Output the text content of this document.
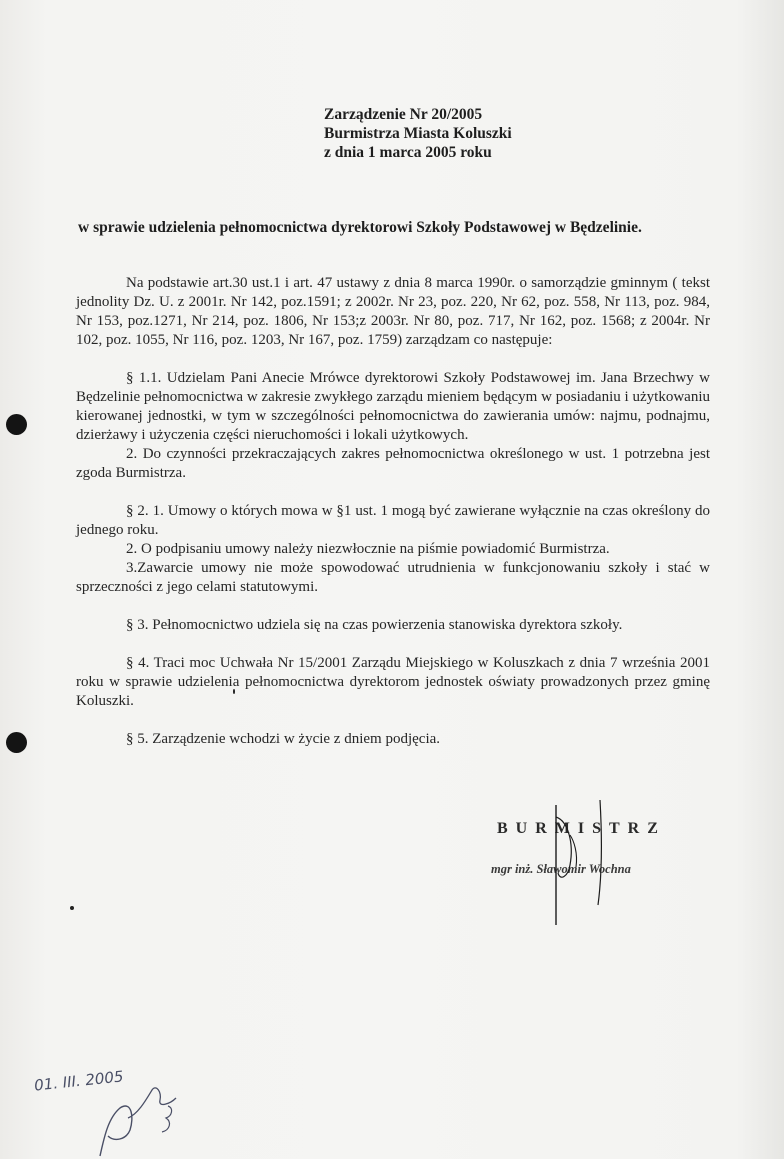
Zarządzenie Nr 20/2005
Burmistrza Miasta Koluszki
z dnia 1 marca 2005 roku
w sprawie udzielenia pełnomocnictwa dyrektorowi Szkoły Podstawowej w Będzelinie.

Na podstawie art.30 ust.1 i art. 47 ustawy z dnia 8 marca 1990r. o samorządzie gminnym ( tekst jednolity Dz. U. z 2001r. Nr 142, poz.1591; z 2002r. Nr 23, poz. 220, Nr 62, poz. 558, Nr 113, poz. 984, Nr 153, poz.1271, Nr 214, poz. 1806, Nr 153;z 2003r. Nr 80, poz. 717, Nr 162, poz. 1568; z 2004r. Nr 102, poz. 1055, Nr 116, poz. 1203, Nr 167, poz. 1759) zarządzam co następuje:

§ 1.1. Udzielam Pani Anecie Mrówce dyrektorowi Szkoły Podstawowej im. Jana Brzechwy w Będzelinie pełnomocnictwa w zakresie zwykłego zarządu mieniem będącym w posiadaniu i użytkowaniu kierowanej jednostki, w tym w szczególności pełnomocnictwa do zawierania umów: najmu, podnajmu, dzierżawy i użyczenia części nieruchomości i lokali użytkowych.

2. Do czynności przekraczających zakres pełnomocnictwa określonego w ust. 1 potrzebna jest zgoda Burmistrza.

§ 2. 1. Umowy o których mowa w §1 ust. 1 mogą być zawierane wyłącznie na czas określony do jednego roku.

2. O podpisaniu umowy należy niezwłocznie na piśmie powiadomić Burmistrza.

3.Zawarcie umowy nie może spowodować utrudnienia w funkcjonowaniu szkoły i stać w sprzeczności z jego celami statutowymi.

§ 3. Pełnomocnictwo udziela się na czas powierzenia stanowiska dyrektora szkoły.

§ 4. Traci moc Uchwała Nr 15/2001 Zarządu Miejskiego w Koluszkach z dnia 7 września 2001 roku w sprawie udzielenia pełnomocnictwa dyrektorom jednostek oświaty prowadzonych przez gminę Koluszki.

§ 5. Zarządzenie wchodzi w życie z dniem podjęcia.

BURMISTRZ
mgr inż. Sławomir Wochna
01. III. 2005
